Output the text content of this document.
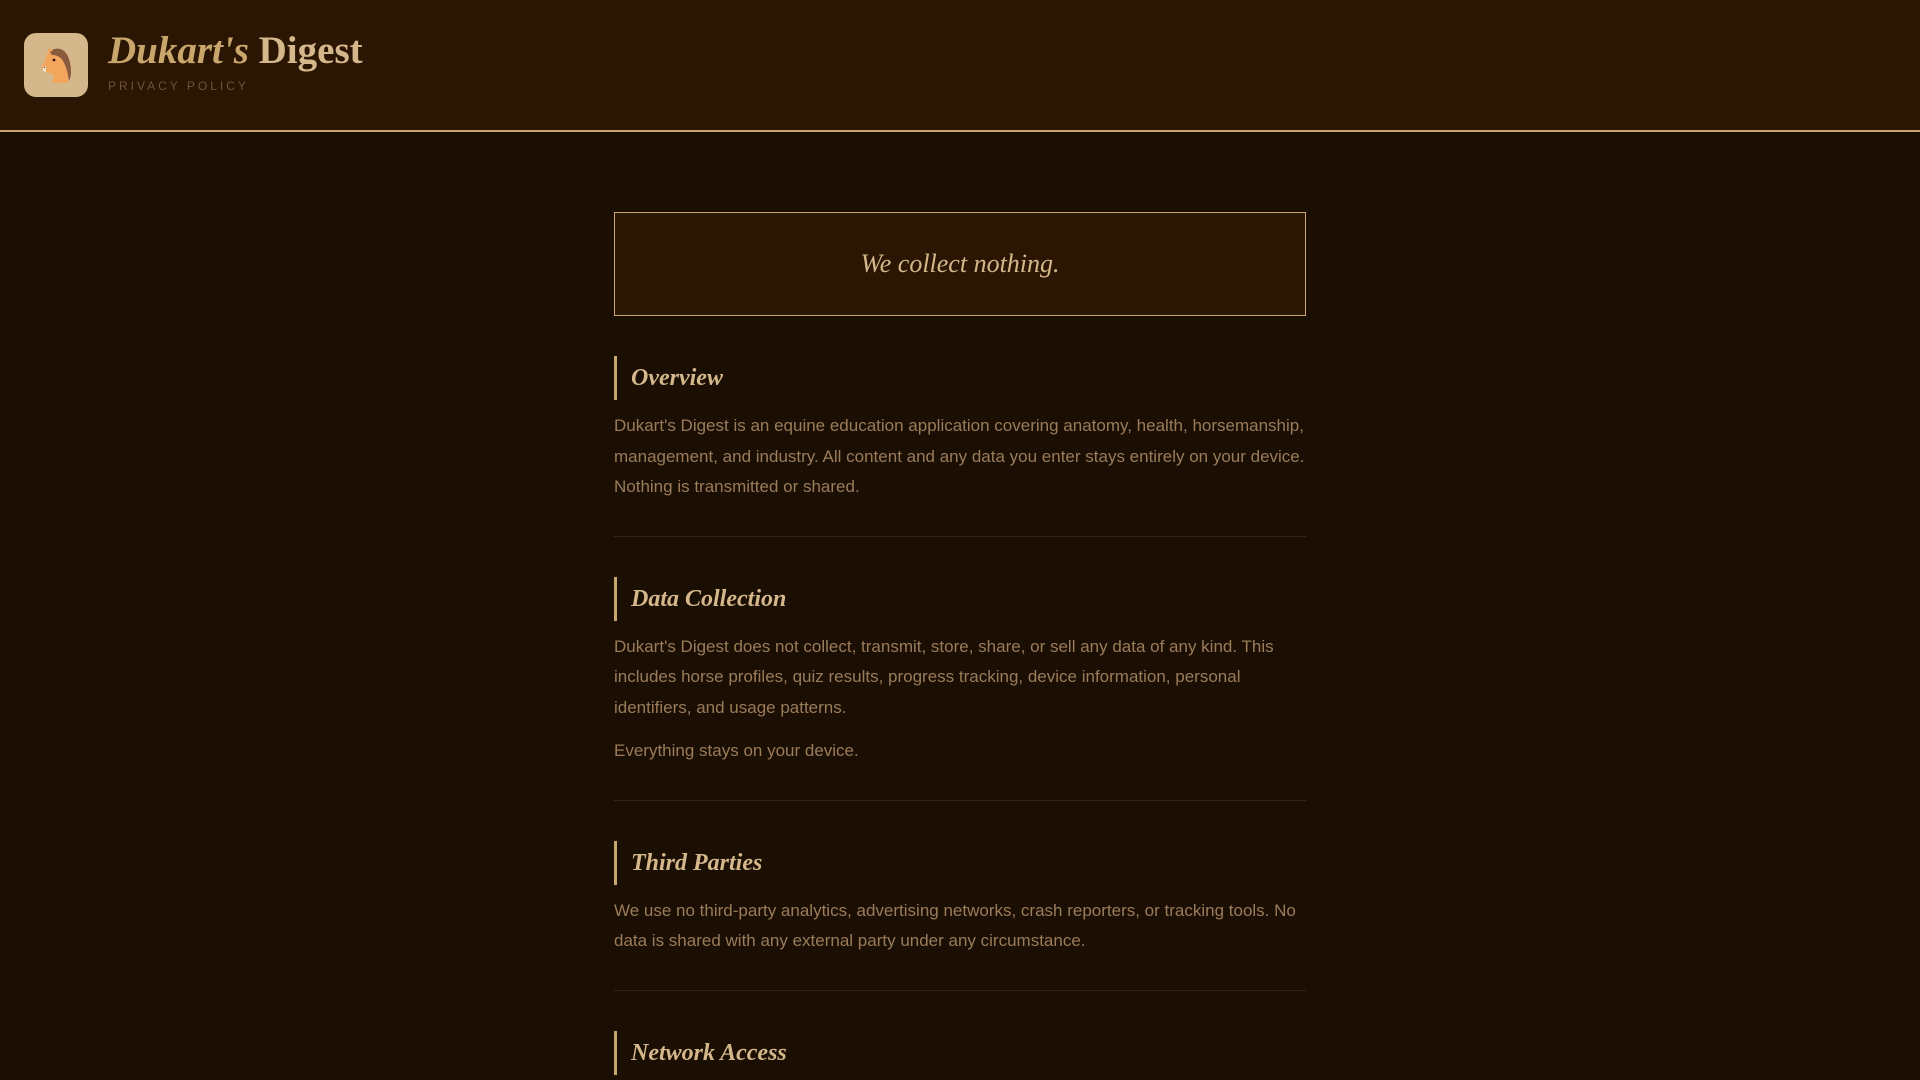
Dukart's Digest
PRIVACY POLICY
We collect nothing.
Overview

Dukart's Digest is an equine education application covering anatomy, health, horsemanship, management, and industry. All content and any data you enter stays entirely on your device. Nothing is transmitted or shared.

Data Collection

Dukart's Digest does not collect, transmit, store, share, or sell any data of any kind. This includes horse profiles, quiz results, progress tracking, device information, personal identifiers, and usage patterns.

Everything stays on your device.

Third Parties

We use no third-party analytics, advertising networks, crash reporters, or tracking tools. No data is shared with any external party under any circumstance.

Network Access
